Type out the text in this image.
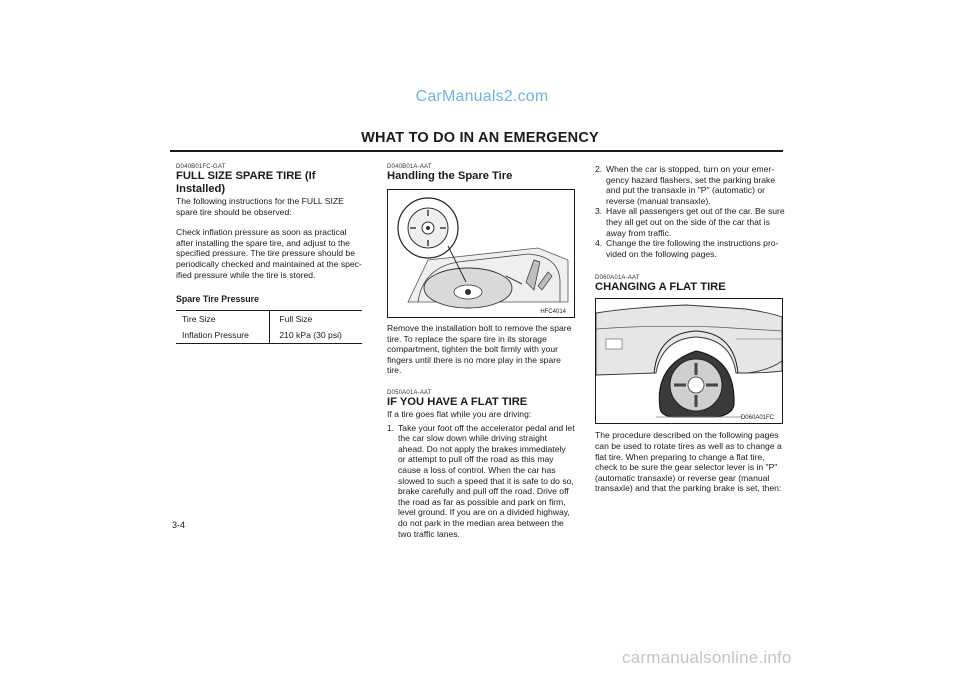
CarManuals2.com
WHAT TO DO IN AN EMERGENCY
D040B01FC-GAT
FULL SIZE SPARE TIRE (If Installed)

The following instructions for the FULL SIZE spare tire should be observed:

Check inflation pressure as soon as practical after installing the spare tire, and adjust to the specified pressure. The tire pressure should be periodically checked and maintained at the spec-ified pressure while the tire is stored.

Spare Tire Pressure
Tire Size	Full Size
Inflation Pressure	210 kPa (30 psi)
D040B01A-AAT
Handling the Spare Tire
HFC4014

Remove the installation bolt to remove the spare tire. To replace the spare tire in its storage compartment, tighten the bolt firmly with your fingers until there is no more play in the spare tire.

D050A01A-AAT
IF YOU HAVE A FLAT TIRE

If a tire goes flat while you are driving:

1. Take your foot off the accelerator pedal and let the car slow down while driving straight ahead. Do not apply the brakes immediately or attempt to pull off the road as this may cause a loss of control. When the car has slowed to such a speed that it is safe to do so, brake carefully and pull off the road. Drive off the road as far as possible and park on firm, level ground. If you are on a divided highway, do not park in the median area between the two traffic lanes.
2. When the car is stopped, turn on your emer-gency hazard flashers, set the parking brake and put the transaxle in "P" (automatic) or reverse (manual transaxle).
3. Have all passengers get out of the car. Be sure they all get out on the side of the car that is away from traffic.
4. Change the tire following the instructions pro-vided on the following pages.
D060A01A-AAT
CHANGING A FLAT TIRE
D060A01FC

The procedure described on the following pages can be used to rotate tires as well as to change a flat tire. When preparing to change a flat tire, check to be sure the gear selector lever is in "P" (automatic transaxle) or reverse gear (manual transaxle) and that the parking brake is set, then:

3-4
carmanualsonline.info
